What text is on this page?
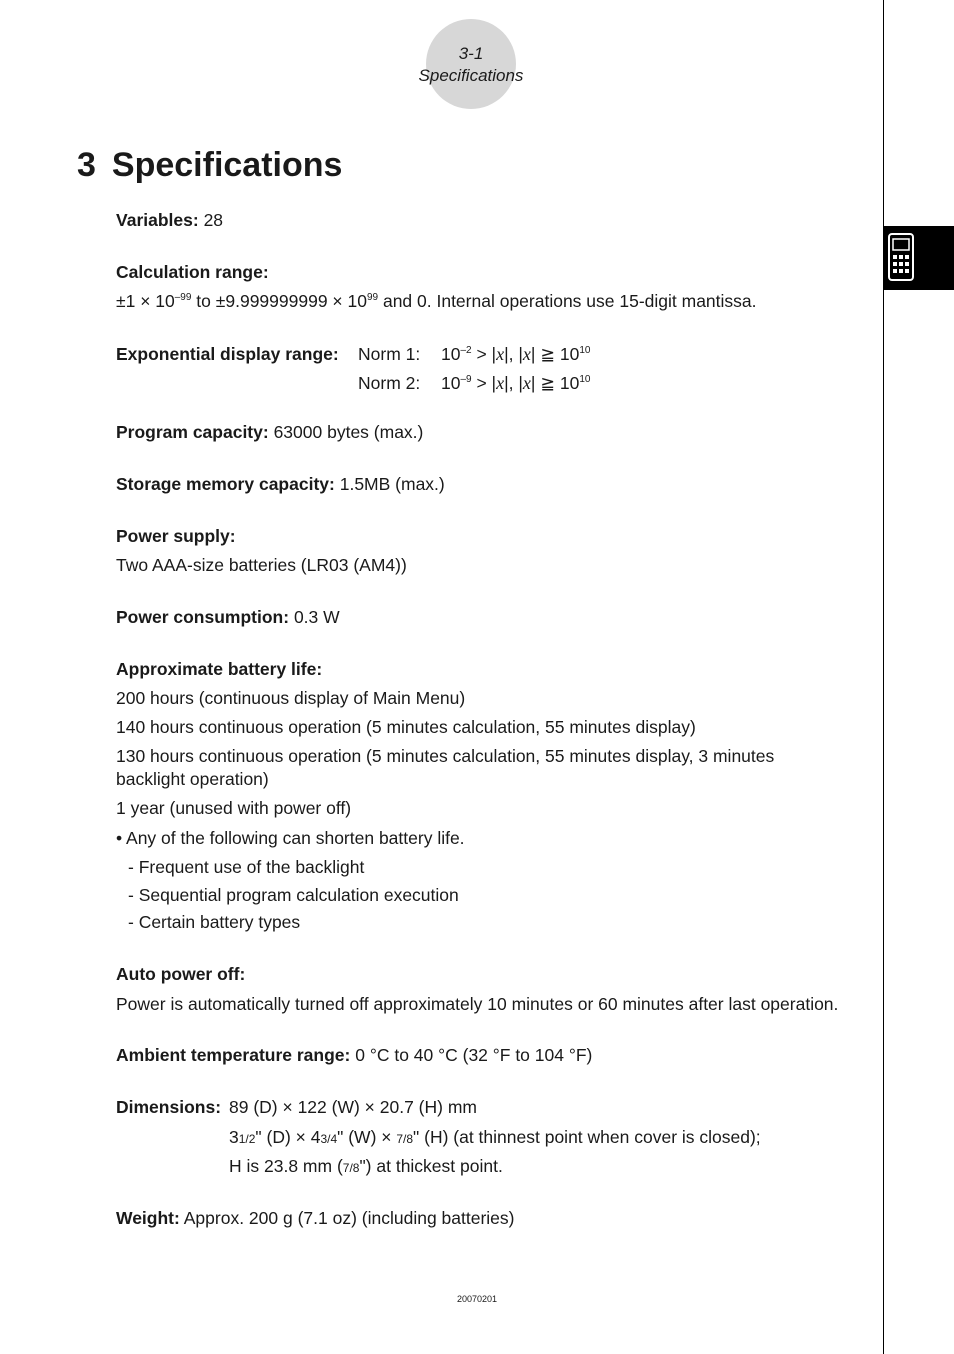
3-1
Specifications
3 Specifications
Variables: 28
Calculation range:
$\pm 1 \times 10^{-99}$ to $\pm 9.999999999 \times 10^{99}$ and 0. Internal operations use 15-digit mantissa.
Exponential display range: Norm 1: $10^{-2} > |x|$, |x| ≧ $10^{10}$
Norm 2: $10^{-9} > |x|$, |x| ≧ $10^{10}$
Program capacity: 63000 bytes (max.)
Storage memory capacity: 1.5MB (max.)
Power supply:
Two AAA-size batteries (LR03 (AM4))
Power consumption: 0.3 W
Approximate battery life:
200 hours (continuous display of Main Menu)
140 hours continuous operation (5 minutes calculation, 55 minutes display)
130 hours continuous operation (5 minutes calculation, 55 minutes display, 3 minutes
backlight operation)
1 year (unused with power off)
• Any of the following can shorten battery life.
- Frequent use of the backlight
- Sequential program calculation execution
- Certain battery types
Auto power off:
Power is automatically turned off approximately 10 minutes or 60 minutes after last operation.
Ambient temperature range: 0 °C to 40 °C (32 °F to 104 °F)
Dimensions: 89 (D) × 122 (W) × 20.7 (H) mm
31/2" (D) × 43/4" (W) × 7/8" (H) (at thinnest point when cover is closed);
H is 23.8 mm (7/8") at thickest point.
Weight: Approx. 200 g (7.1 oz) (including batteries)
20070201
